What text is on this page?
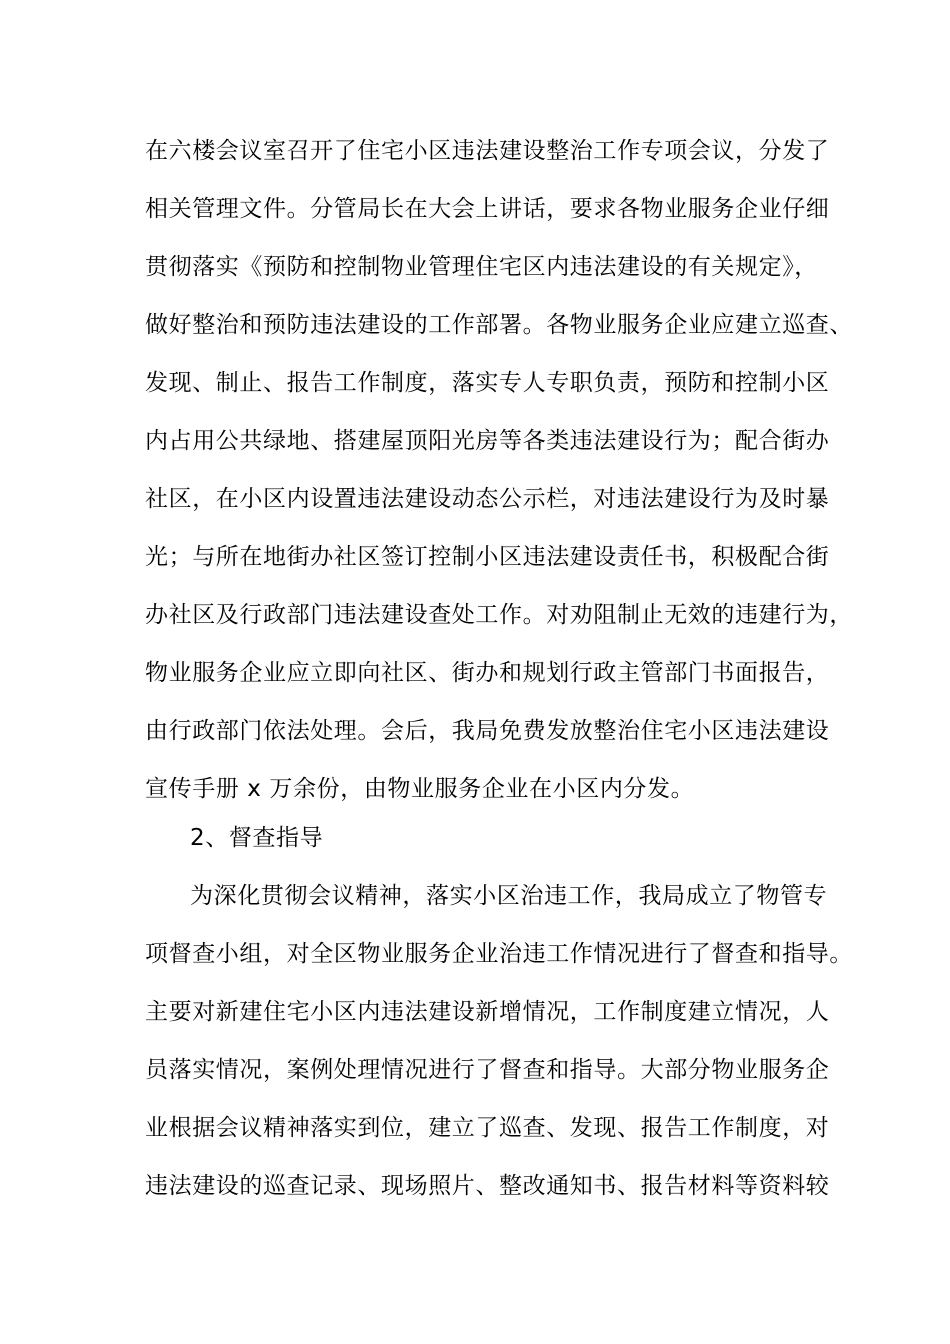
在六楼会议室召开了住宅小区违法建设整治工作专项会议，分发了
相关管理文件。分管局长在大会上讲话，要求各物业服务企业仔细
贯彻落实《预防和控制物业管理住宅区内违法建设的有关规定》，
做好整治和预防违法建设的工作部署。各物业服务企业应建立巡查、
发现、制止、报告工作制度，落实专人专职负责，预防和控制小区
内占用公共绿地、搭建屋顶阳光房等各类违法建设行为；配合街办
社区，在小区内设置违法建设动态公示栏，对违法建设行为及时暴
光；与所在地街办社区签订控制小区违法建设责任书，积极配合街
办社区及行政部门违法建设查处工作。对劝阻制止无效的违建行为，
物业服务企业应立即向社区、街办和规划行政主管部门书面报告，
由行政部门依法处理。会后，我局免费发放整治住宅小区违法建设
宣传手册 x 万余份，由物业服务企业在小区内分发。
2、督查指导
为深化贯彻会议精神，落实小区治违工作，我局成立了物管专
项督查小组，对全区物业服务企业治违工作情况进行了督查和指导。
主要对新建住宅小区内违法建设新增情况，工作制度建立情况，人
员落实情况，案例处理情况进行了督查和指导。大部分物业服务企
业根据会议精神落实到位，建立了巡查、发现、报告工作制度，对
违法建设的巡查记录、现场照片、整改通知书、报告材料等资料较
